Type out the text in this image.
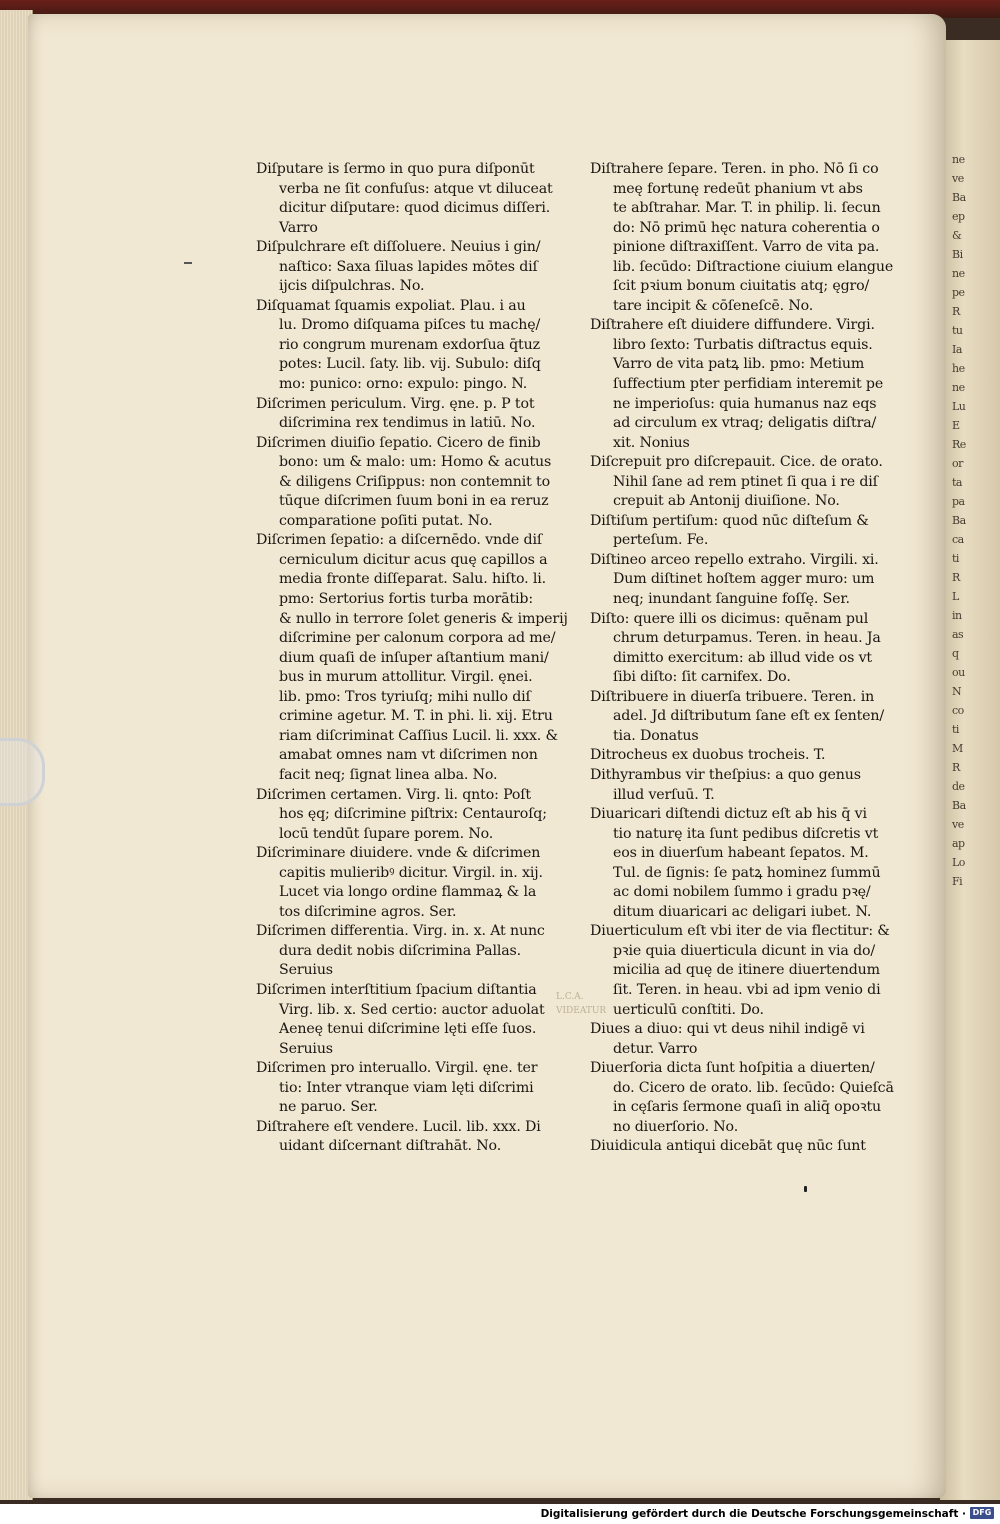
ne
ve
Ba
ep
&
Bi
ne
pe
R
tu
Ia
he
ne
Lu
E
Re
or
ta
pa
Ba
ca
ti
R
L
in
as
q
ou
N
co
ti
M
R
de
Ba
ve
ap
Lo
Fi
Diſputare is ſermo in quo pura diſponūt
verba ne ſit confuſus: atque vt diluceat
dicitur diſputare: quod dicimus diſſeri.
Varro
Diſpulchrare eſt diſſoluere. Neuius i gin/
naſtico: Saxa ſiluas lapides mōtes diſ
ijcis diſpulchras. No.
Diſquamat ſquamis expoliat. Plau. i au
lu. Dromo diſquama piſces tu machę/
rio congrum murenam exdorſua q̄tuz
potes: Lucil. ſaty. lib. vij. Subulo: diſq
mo: punico: orno: expulo: pingo. N.
Diſcrimen periculum. Virg. ęne. p. P tot
diſcrimina rex tendimus in latiū. No.
Diſcrimen diuiſio ſepatio. Cicero de finib
bono: um & malo: um: Homo & acutus
& diligens Criſippus: non contemnit to
tūque diſcrimen ſuum boni in ea reruz
comparatione poſiti putat. No.
Diſcrimen ſepatio: a diſcernēdo. vnde diſ
cerniculum dicitur acus quę capillos a
media fronte diſſeparat. Salu. hiſto. li.
pmo: Sertorius fortis turba morātib:
& nullo in terrore ſolet generis & imperij
diſcrimine per calonum corpora ad me/
dium quaſi de inſuper aſtantium mani/
bus in murum attollitur. Virgil. ęnei.
lib. pmo: Tros tyriuſq; mihi nullo diſ
crimine agetur. M. T. in phi. li. xij. Etru
riam diſcriminat Caſſius Lucil. li. xxx. &
amabat omnes nam vt diſcrimen non
facit neq; ſignat linea alba. No.
Diſcrimen certamen. Virg. li. qnto: Poſt
hos ęq; diſcrimine piſtrix: Centauroſq;
locū tendūt ſupare porem. No.
Diſcriminare diuidere. vnde & diſcrimen
capitis mulieribꝰ dicitur. Virgil. in. xij.
Lucet via longo ordine flammaꝝ & la
tos diſcrimine agros. Ser.
Diſcrimen differentia. Virg. in. x. At nunc
dura dedit nobis diſcrimina Pallas.
Seruius
Diſcrimen interſtitium ſpacium diſtantia
Virg. lib. x. Sed certio: auctor aduolat
Aeneę tenui diſcrimine lęti eſſe ſuos.
Seruius
Diſcrimen pro interuallo. Virgil. ęne. ter
tio: Inter vtranque viam lęti diſcrimi
ne paruo. Ser.
Diſtrahere eſt vendere. Lucil. lib. xxx. Di
uidant diſcernant diſtrahāt. No.
Diſtrahere ſepare. Teren. in pho. Nō ſi co
meę fortunę redeūt phanium vt abs
te abſtrahar. Mar. T. in philip. li. ſecun
do: Nō primū hęc natura coherentia o
pinione diſtraxiſſent. Varro de vita pa.
lib. ſecūdo: Diſtractione ciuium elangue
ſcit pꝛium bonum ciuitatis atq; ęgro/
tare incipit & cōſeneſcē. No.
Diſtrahere eſt diuidere diffundere. Virgi.
libro ſexto: Turbatis diſtractus equis.
Varro de vita patꝝ lib. pmo: Metium
ſuffectium pter perfidiam interemit pe
ne imperioſus: quia humanus naz eqs
ad circulum ex vtraq; deligatis diſtra/
xit. Nonius
Diſcrepuit pro diſcrepauit. Cice. de orato.
Nihil ſane ad rem ptinet ſi qua i re diſ
crepuit ab Antonij diuiſione. No.
Diſtiſum pertiſum: quod nūc diſteſum &
perteſum. Fe.
Diſtineo arceo repello extraho. Virgili. xi.
Dum diſtinet hoſtem agger muro: um
neq; inundant ſanguine foſſę. Ser.
Diſto: quere illi os dicimus: quēnam pul
chrum deturpamus. Teren. in heau. Ja
dimitto exercitum: ab illud vide os vt
ſibi diſto: ſit carnifex. Do.
Diſtribuere in diuerſa tribuere. Teren. in
adel. Jd diſtributum ſane eſt ex ſenten/
tia. Donatus
Ditrocheus ex duobus trocheis. T.
Dithyrambus vir theſpius: a quo genus
illud verſuū. T.
Diuaricari diſtendi dictuz eſt ab his q̄ vi
tio naturę ita ſunt pedibus diſcretis vt
eos in diuerſum habeant ſepatos. M.
Tul. de ſignis: ſe patꝝ hominez ſummū
ac domi nobilem ſummo i gradu pꝛę/
ditum diuaricari ac deligari iubet. N.
Diuerticulum eſt vbi iter de via flectitur: &
pꝛie quia diuerticula dicunt in via do/
micilia ad quę de itinere diuertendum
ſit. Teren. in heau. vbi ad ipm venio di
uerticulū conſtiti. Do.
Diues a diuo: qui vt deus nihil indigē vi
detur. Varro
Diuerſoria dicta ſunt hoſpitia a diuerten/
do. Cicero de orato. lib. ſecūdo: Quieſcā
in cęſaris ſermone quaſi in aliq̄ opoꝛtu
no diuerſorio. No.
Diuidicula antiqui dicebāt quę nūc ſunt
L.C.A. VIDEATUR
Digitalisierung gefördert durch die Deutsche Forschungsgemeinschaft · DFG
